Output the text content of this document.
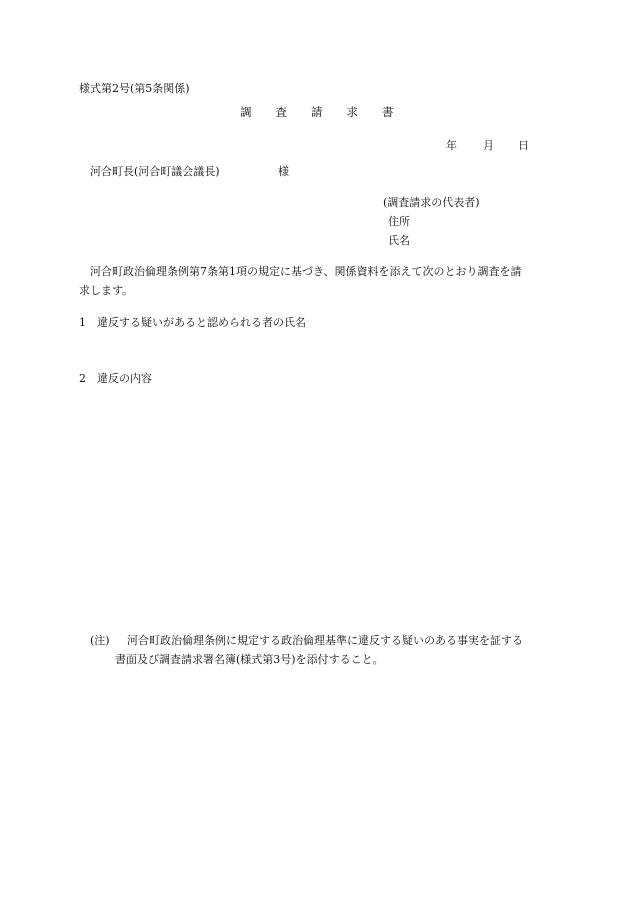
様式第2号(第5条関係)
調査請求書
年 月 日
河合町長(河合町議会議長)	様
(調査請求の代表者)
住所
氏名
河合町政治倫理条例第7条第1項の規定に基づき、関係資料を添えて次のとおり調査を請
求します。
1 違反する疑いがあると認められる者の氏名
2 違反の内容
(注) 河合町政治倫理条例に規定する政治倫理基準に違反する疑いのある事実を証する
書面及び調査請求署名簿(様式第3号)を添付すること。
